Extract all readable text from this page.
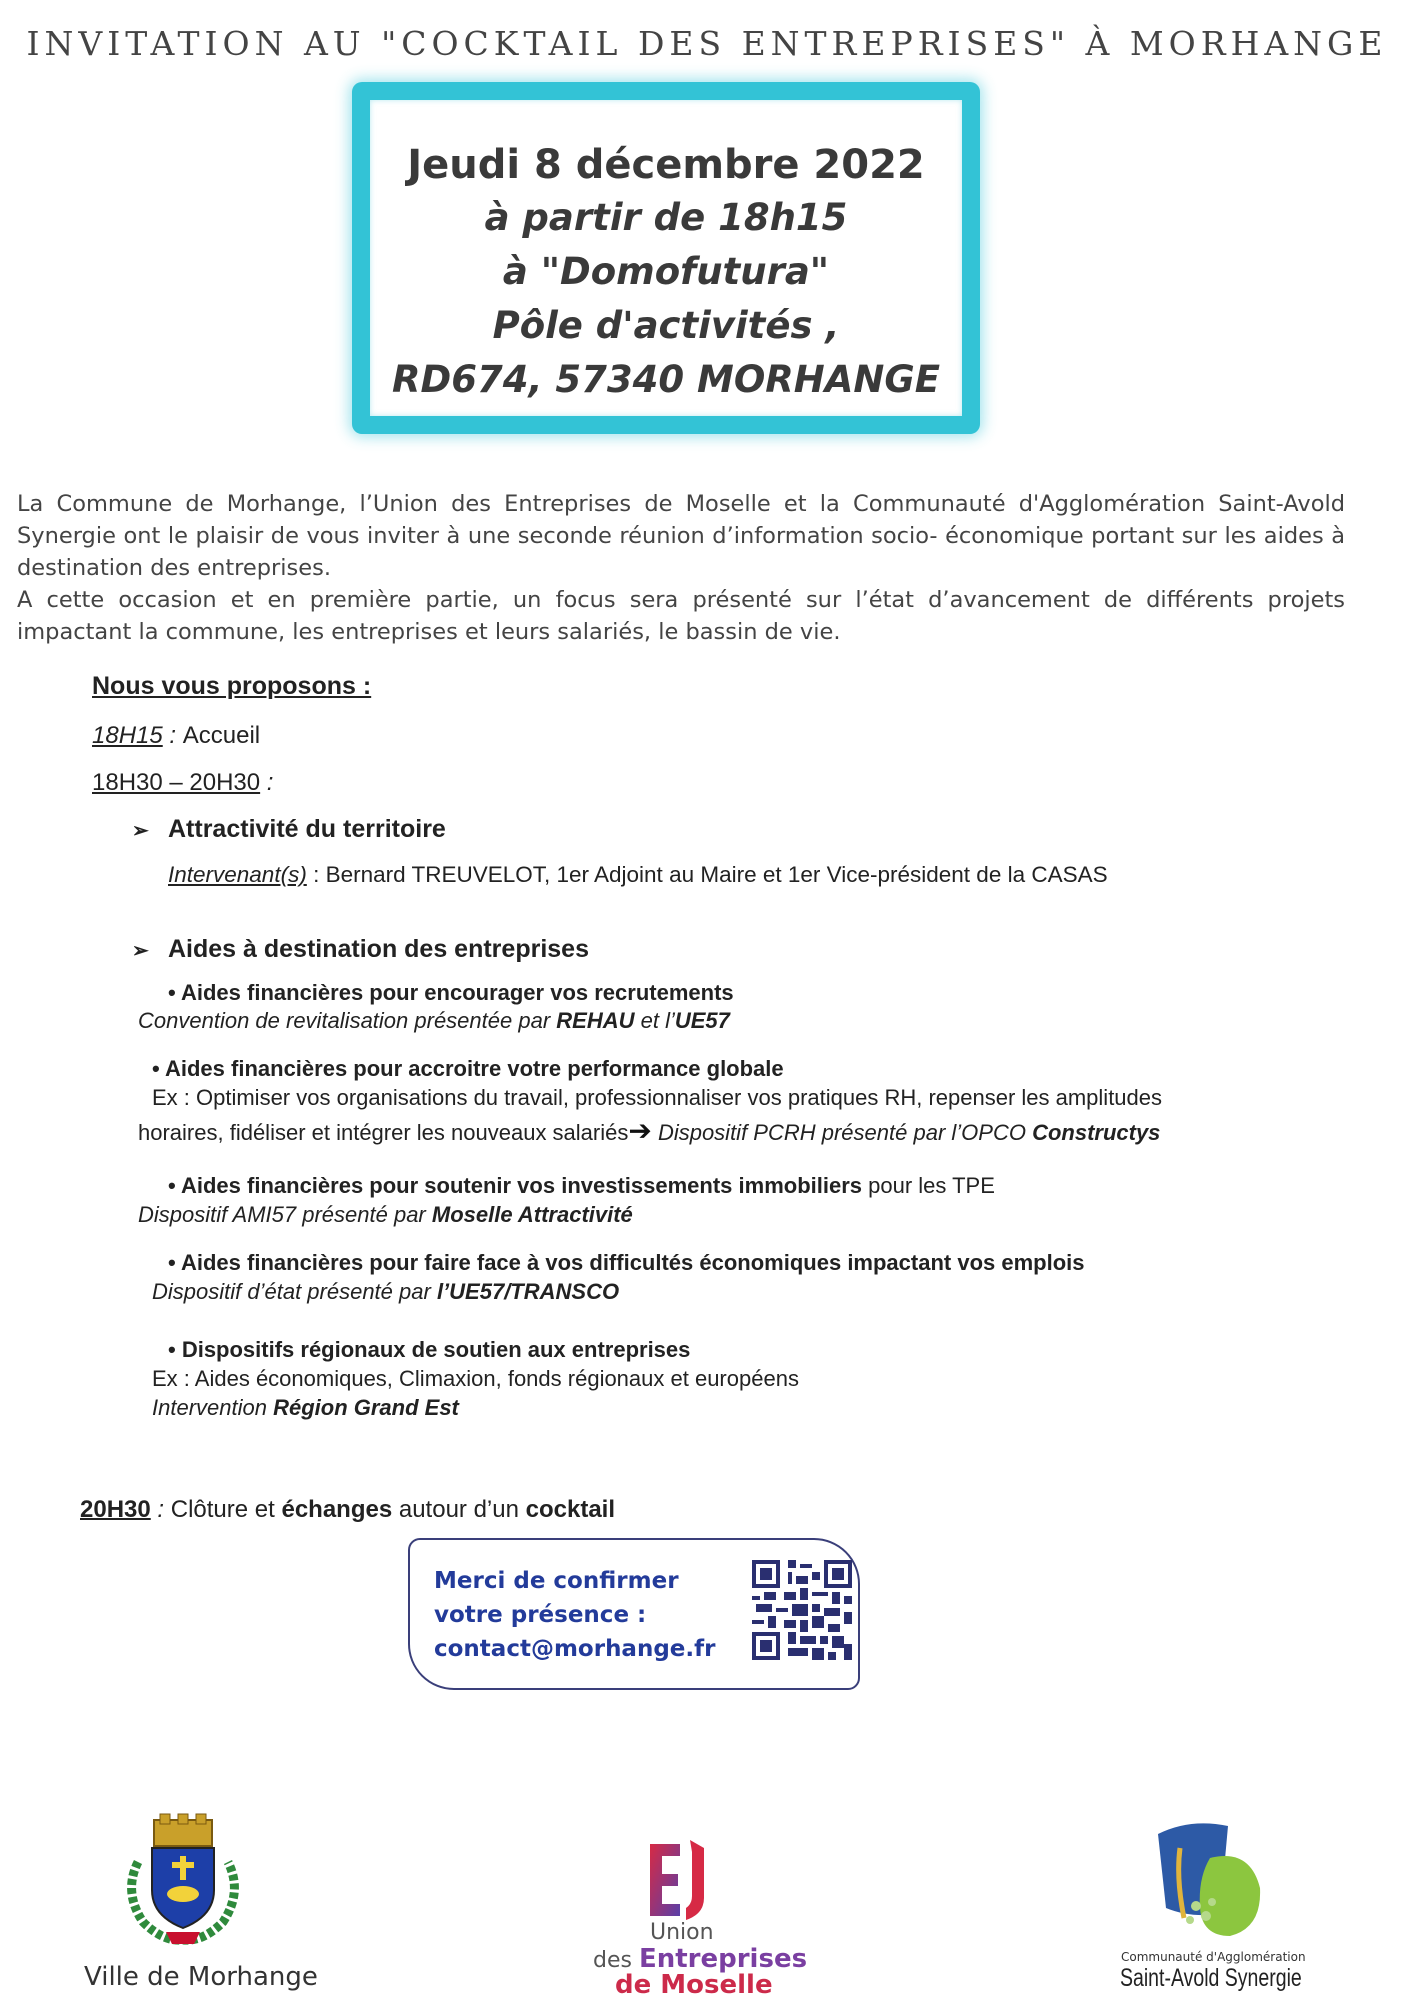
INVITATION AU "COCKTAIL DES ENTREPRISES" À MORHANGE
Jeudi 8 décembre 2022
à partir de 18h15
à "Domofutura"
Pôle d'activités ,
RD674, 57340 MORHANGE

La Commune de Morhange, l’Union des Entreprises de Moselle et la Communauté d'Agglomération Saint-Avold Synergie ont le plaisir de vous inviter à une seconde réunion d’information socio- économique portant sur les aides à destination des entreprises.

A cette occasion et en première partie, un focus sera présenté sur l’état d’avancement de différents projets impactant la commune, les entreprises et leurs salariés, le bassin de vie.

Nous vous proposons :
18H15 : Accueil
18H30 – 20H30 :
➢ Attractivité du territoire
Intervenant(s) : Bernard TREUVELOT, 1er Adjoint au Maire et 1er Vice-président de la CASAS
➢ Aides à destination des entreprises
• Aides financières pour encourager vos recrutements
Convention de revitalisation présentée par REHAU et l’UE57
• Aides financières pour accroitre votre performance globale
Ex : Optimiser vos organisations du travail, professionnaliser vos pratiques RH, repenser les amplitudes
horaires, fidéliser et intégrer les nouveaux salariés➔ Dispositif PCRH présenté par l’OPCO Constructys
• Aides financières pour soutenir vos investissements immobiliers pour les TPE
Dispositif AMI57 présenté par Moselle Attractivité
• Aides financières pour faire face à vos difficultés économiques impactant vos emplois
Dispositif d’état présenté par l’UE57/TRANSCO
• Dispositifs régionaux de soutien aux entreprises
Ex : Aides économiques, Climaxion, fonds régionaux et européens
Intervention Région Grand Est
20H30 : Clôture et échanges autour d’un cocktail
Merci de confirmer
votre présence :
contact@morhange.fr
Ville de Morhange
Union
des Entreprises
de Moselle
Communauté d'Agglomération
Saint-Avold Synergie
